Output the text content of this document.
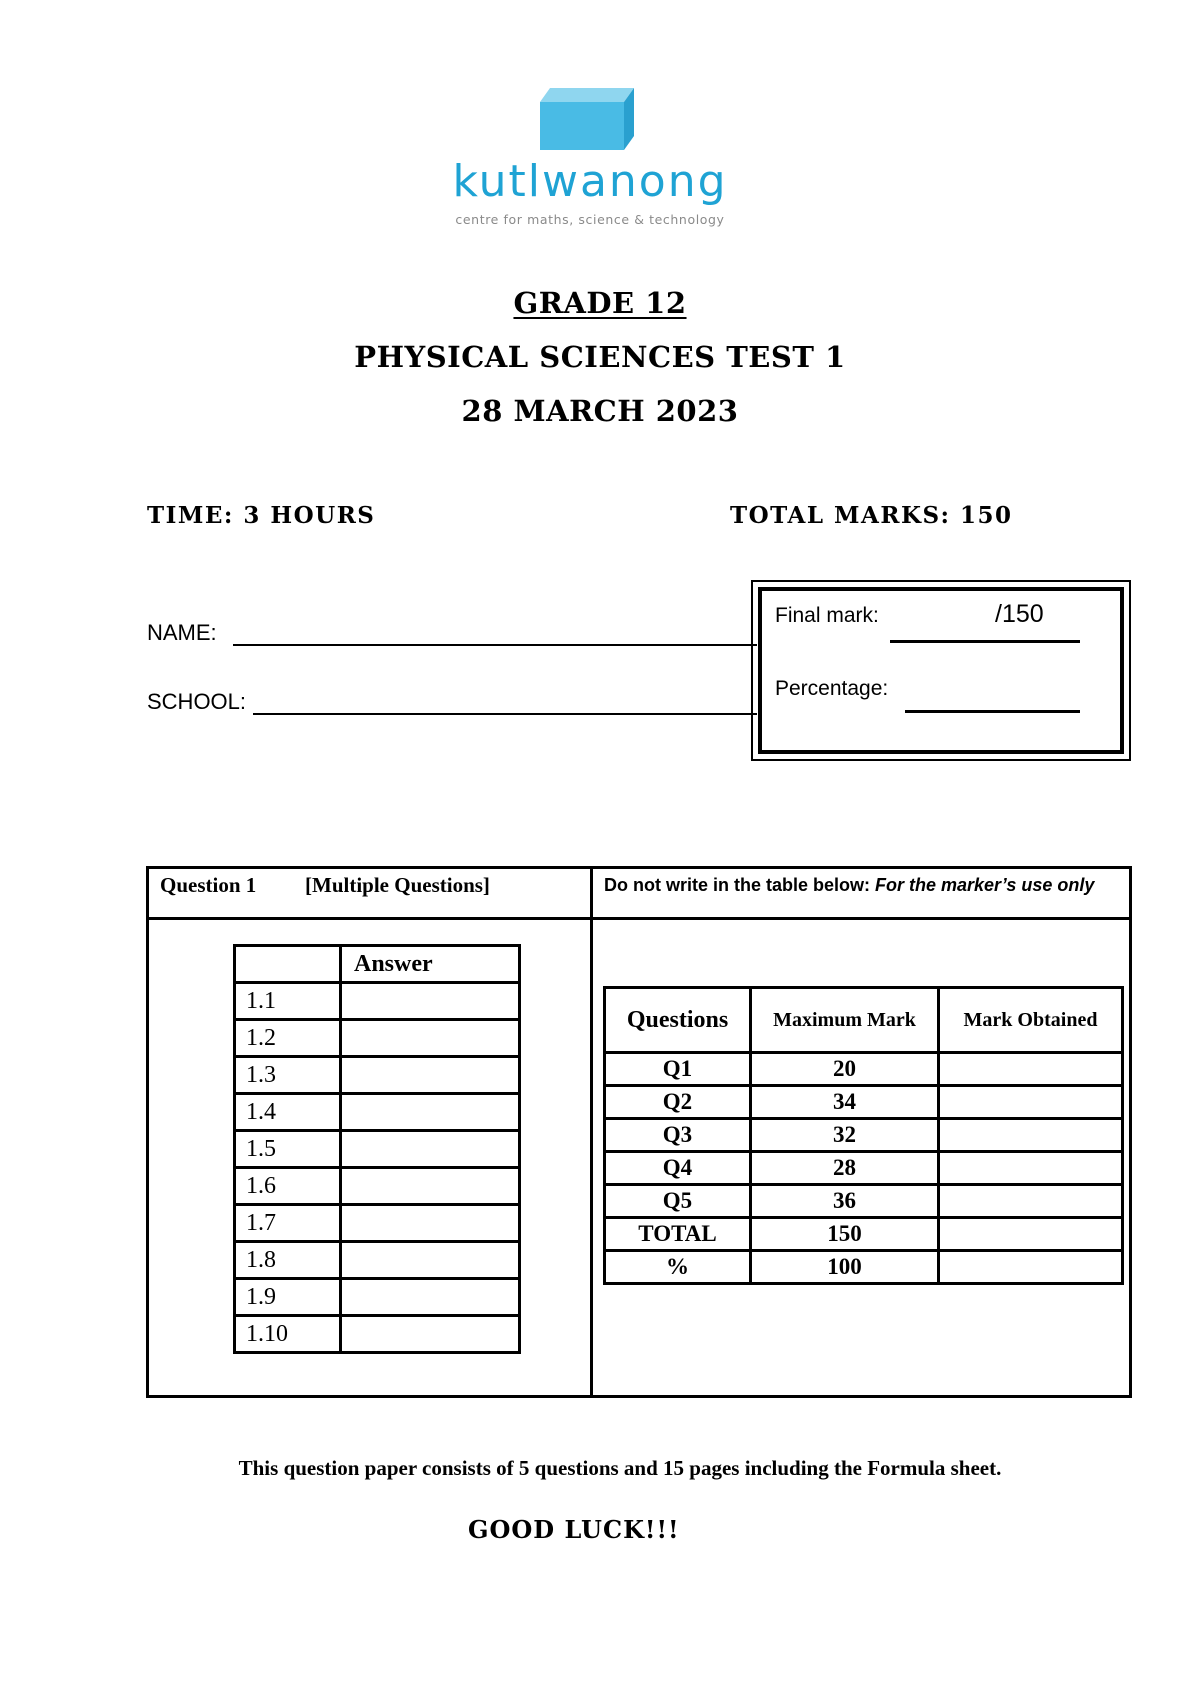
kutlwanong
centre for maths, science & technology
GRADE 12
PHYSICAL SCIENCES TEST 1
28 MARCH 2023
TIME: 3 HOURS	TOTAL MARKS: 150
NAME:
SCHOOL:
Final mark:	/150
Percentage:
Question 1 [Multiple Questions]	Do not write in the table below: For the marker’s use only
	Answer
1.1	
1.2	
1.3	
1.4	
1.5	
1.6	
1.7	
1.8	
1.9	
1.10	
Questions	Maximum Mark	Mark Obtained
Q1	20	
Q2	34	
Q3	32	
Q4	28	
Q5	36	
TOTAL	150	
%	100	
This question paper consists of 5 questions and 15 pages including the Formula sheet.
GOOD LUCK!!!
